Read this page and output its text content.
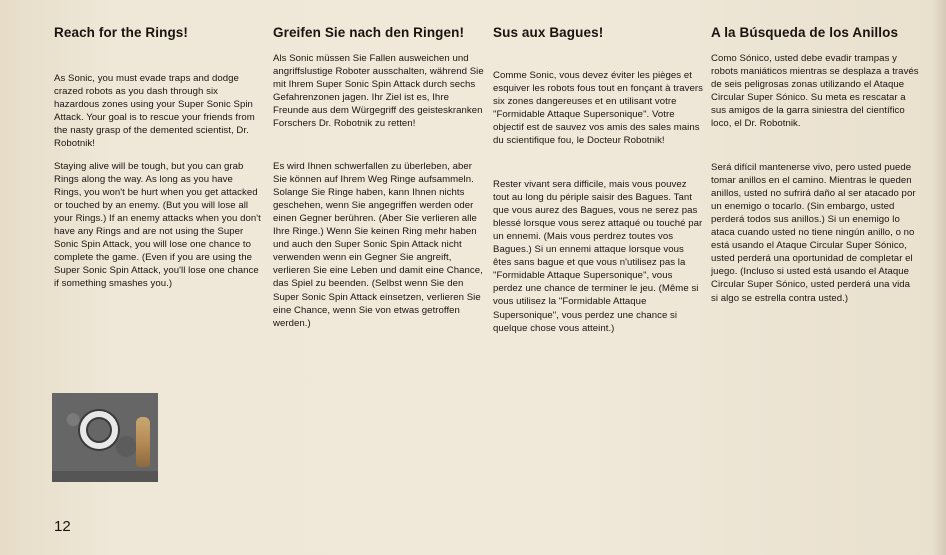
Reach for the Rings!

As Sonic, you must evade traps and dodge crazed robots as you dash through six hazardous zones using your Super Sonic Spin Attack. Your goal is to rescue your friends from the nasty grasp of the demented scientist, Dr. Robotnik!

Staying alive will be tough, but you can grab Rings along the way. As long as you have Rings, you won't be hurt when you get attacked or touched by an enemy. (But you will lose all your Rings.) If an enemy attacks when you don't have any Rings and are not using the Super Sonic Spin Attack, you will lose one chance to complete the game. (Even if you are using the Super Sonic Spin Attack, you'll lose one chance if something smashes you.)

Greifen Sie nach den Ringen!

Als Sonic müssen Sie Fallen ausweichen und angriffslustige Roboter ausschalten, während Sie mit Ihrem Super Sonic Spin Attack durch sechs Gefahrenzonen jagen. Ihr Ziel ist es, Ihre Freunde aus dem Würgegriff des geisteskranken Forschers Dr. Robotnik zu retten!

Es wird Ihnen schwerfallen zu überleben, aber Sie können auf Ihrem Weg Ringe aufsammeln. Solange Sie Ringe haben, kann Ihnen nichts geschehen, wenn Sie angegriffen werden oder einen Gegner berühren. (Aber Sie verlieren alle Ihre Ringe.) Wenn Sie keinen Ring mehr haben und auch den Super Sonic Spin Attack nicht verwenden wenn ein Gegner Sie angreift, verlieren Sie eine Leben und damit eine Chance, das Spiel zu beenden. (Selbst wenn Sie den Super Sonic Spin Attack einsetzen, verlieren Sie eine Chance, wenn Sie von etwas getroffen werden.)

Sus aux Bagues!

Comme Sonic, vous devez éviter les pièges et esquiver les robots fous tout en fonçant à travers six zones dangereuses et en utilisant votre "Formidable Attaque Supersonique". Votre objectif est de sauvez vos amis des sales mains du scientifique fou, le Docteur Robotnik!

Rester vivant sera difficile, mais vous pouvez tout au long du périple saisir des Bagues. Tant que vous aurez des Bagues, vous ne serez pas blessé lorsque vous serez attaqué ou touché par un ennemi. (Mais vous perdrez toutes vos Bagues.) Si un ennemi attaque lorsque vous êtes sans bague et que vous n'utilisez pas la "Formidable Attaque Supersonique", vous perdez une chance de terminer le jeu. (Même si vous utilisez la "Formidable Attaque Supersonique", vous perdez une chance si quelque chose vous atteint.)

A la Búsqueda de los Anillos

Como Sónico, usted debe evadir trampas y robots maniáticos mientras se desplaza a través de seis peligrosas zonas utilizando el Ataque Circular Super Sónico. Su meta es rescatar a sus amigos de la garra siniestra del científico loco, el Dr. Robotnik.

Será difícil mantenerse vivo, pero usted puede tomar anillos en el camino. Mientras le queden anillos, usted no sufrirá daño al ser atacado por un enemigo o tocarlo. (Sin embargo, usted perderá todos sus anillos.) Si un enemigo lo ataca cuando usted no tiene ningún anillo, o no está usando el Ataque Circular Super Sónico, usted perderá una oportunidad de completar el juego. (Incluso si usted está usando el Ataque Circular Super Sónico, usted perderá una vida si algo se estrella contra usted.)

12
